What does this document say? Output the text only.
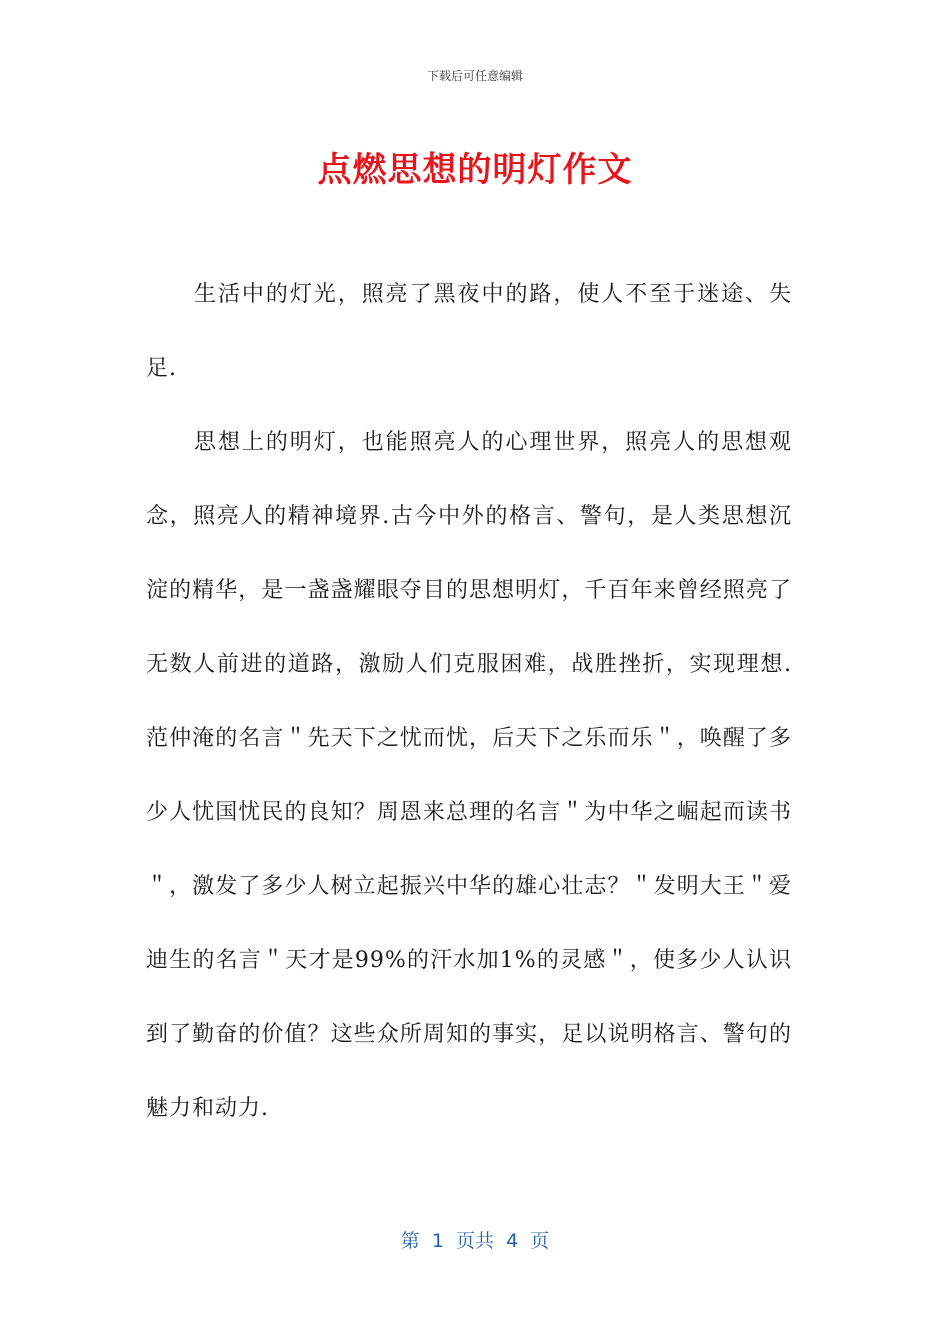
下载后可任意编辑
点燃思想的明灯作文

生活中的灯光，照亮了黑夜中的路，使人不至于迷途、失足.

思想上的明灯，也能照亮人的心理世界，照亮人的思想观念，照亮人的精神境界.古今中外的格言、警句，是人类思想沉淀的精华，是一盏盏耀眼夺目的思想明灯，千百年来曾经照亮了无数人前进的道路，激励人们克服困难，战胜挫折，实现理想.范仲淹的名言＂先天下之忧而忧，后天下之乐而乐＂，唤醒了多少人忧国忧民的良知？周恩来总理的名言＂为中华之崛起而读书＂，激发了多少人树立起振兴中华的雄心壮志？＂发明大王＂爱迪生的名言＂天才是99%的汗水加1%的灵感＂，使多少人认识到了勤奋的价值？这些众所周知的事实，足以说明格言、警句的魅力和动力.

第  1  页共  4  页
